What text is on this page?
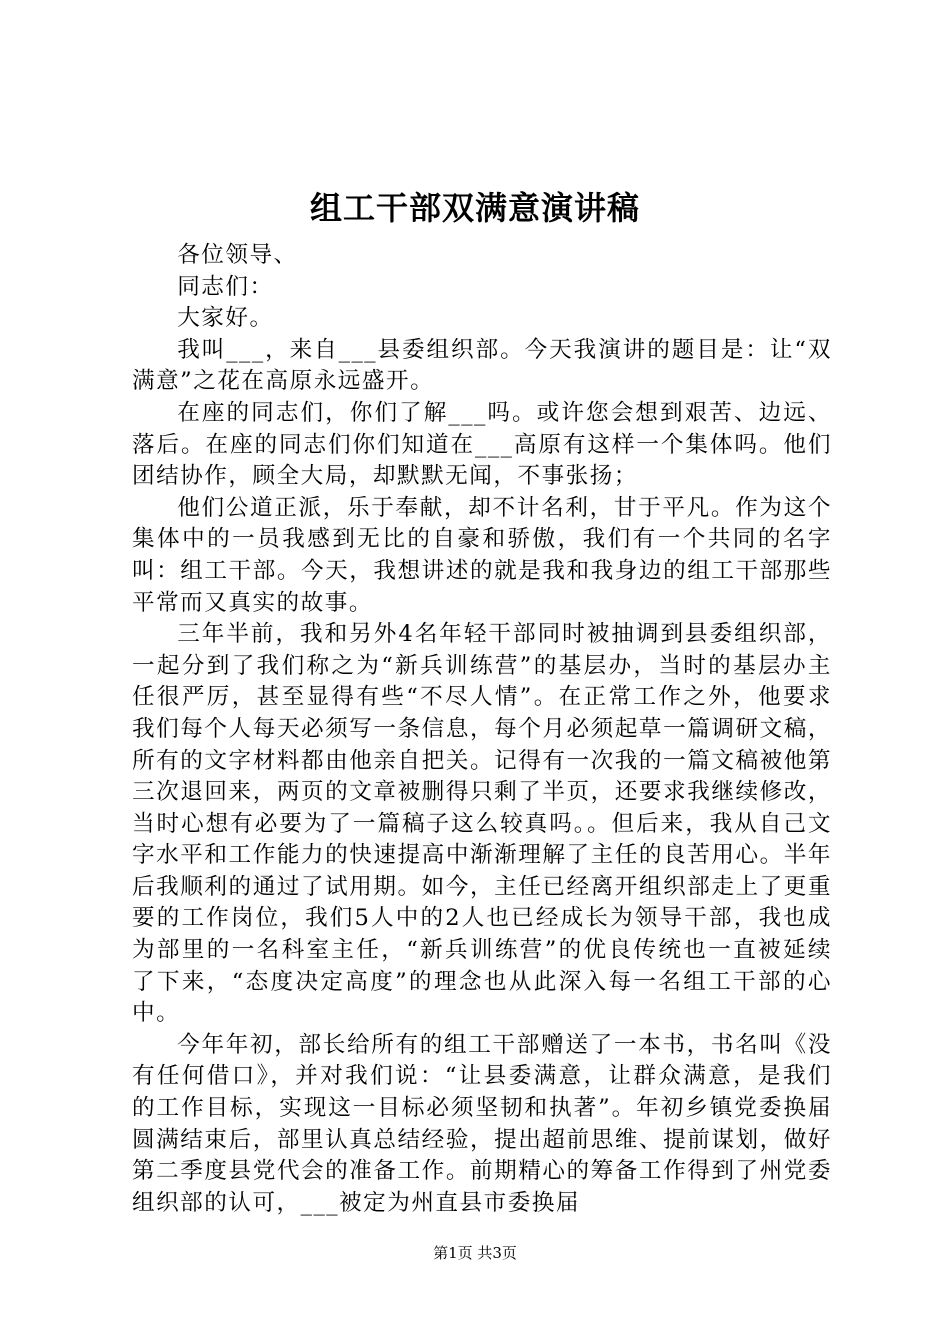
组工干部双满意演讲稿

各位领导、

同志们：

大家好。

我叫___，来自___县委组织部。今天我演讲的题目是：让“双满意”之花在高原永远盛开。

在座的同志们，你们了解___吗。或许您会想到艰苦、边远、落后。在座的同志们你们知道在___高原有这样一个集体吗。他们团结协作，顾全大局，却默默无闻，不事张扬；

他们公道正派，乐于奉献，却不计名利，甘于平凡。作为这个集体中的一员我感到无比的自豪和骄傲，我们有一个共同的名字叫：组工干部。今天，我想讲述的就是我和我身边的组工干部那些平常而又真实的故事。

三年半前，我和另外4名年轻干部同时被抽调到县委组织部，一起分到了我们称之为“新兵训练营”的基层办，当时的基层办主任很严厉，甚至显得有些“不尽人情”。在正常工作之外，他要求我们每个人每天必须写一条信息，每个月必须起草一篇调研文稿，所有的文字材料都由他亲自把关。记得有一次我的一篇文稿被他第三次退回来，两页的文章被删得只剩了半页，还要求我继续修改，当时心想有必要为了一篇稿子这么较真吗。。但后来，我从自己文字水平和工作能力的快速提高中渐渐理解了主任的良苦用心。半年后我顺利的通过了试用期。如今，主任已经离开组织部走上了更重要的工作岗位，我们5人中的2人也已经成长为领导干部，我也成为部里的一名科室主任，“新兵训练营”的优良传统也一直被延续了下来，“态度决定高度”的理念也从此深入每一名组工干部的心中。

今年年初，部长给所有的组工干部赠送了一本书，书名叫《没有任何借口》，并对我们说：“让县委满意，让群众满意，是我们的工作目标，实现这一目标必须坚韧和执著”。年初乡镇党委换届圆满结束后，部里认真总结经验，提出超前思维、提前谋划，做好第二季度县党代会的准备工作。前期精心的筹备工作得到了州党委组织部的认可，___被定为州直县市委换届

第1页 共3页
